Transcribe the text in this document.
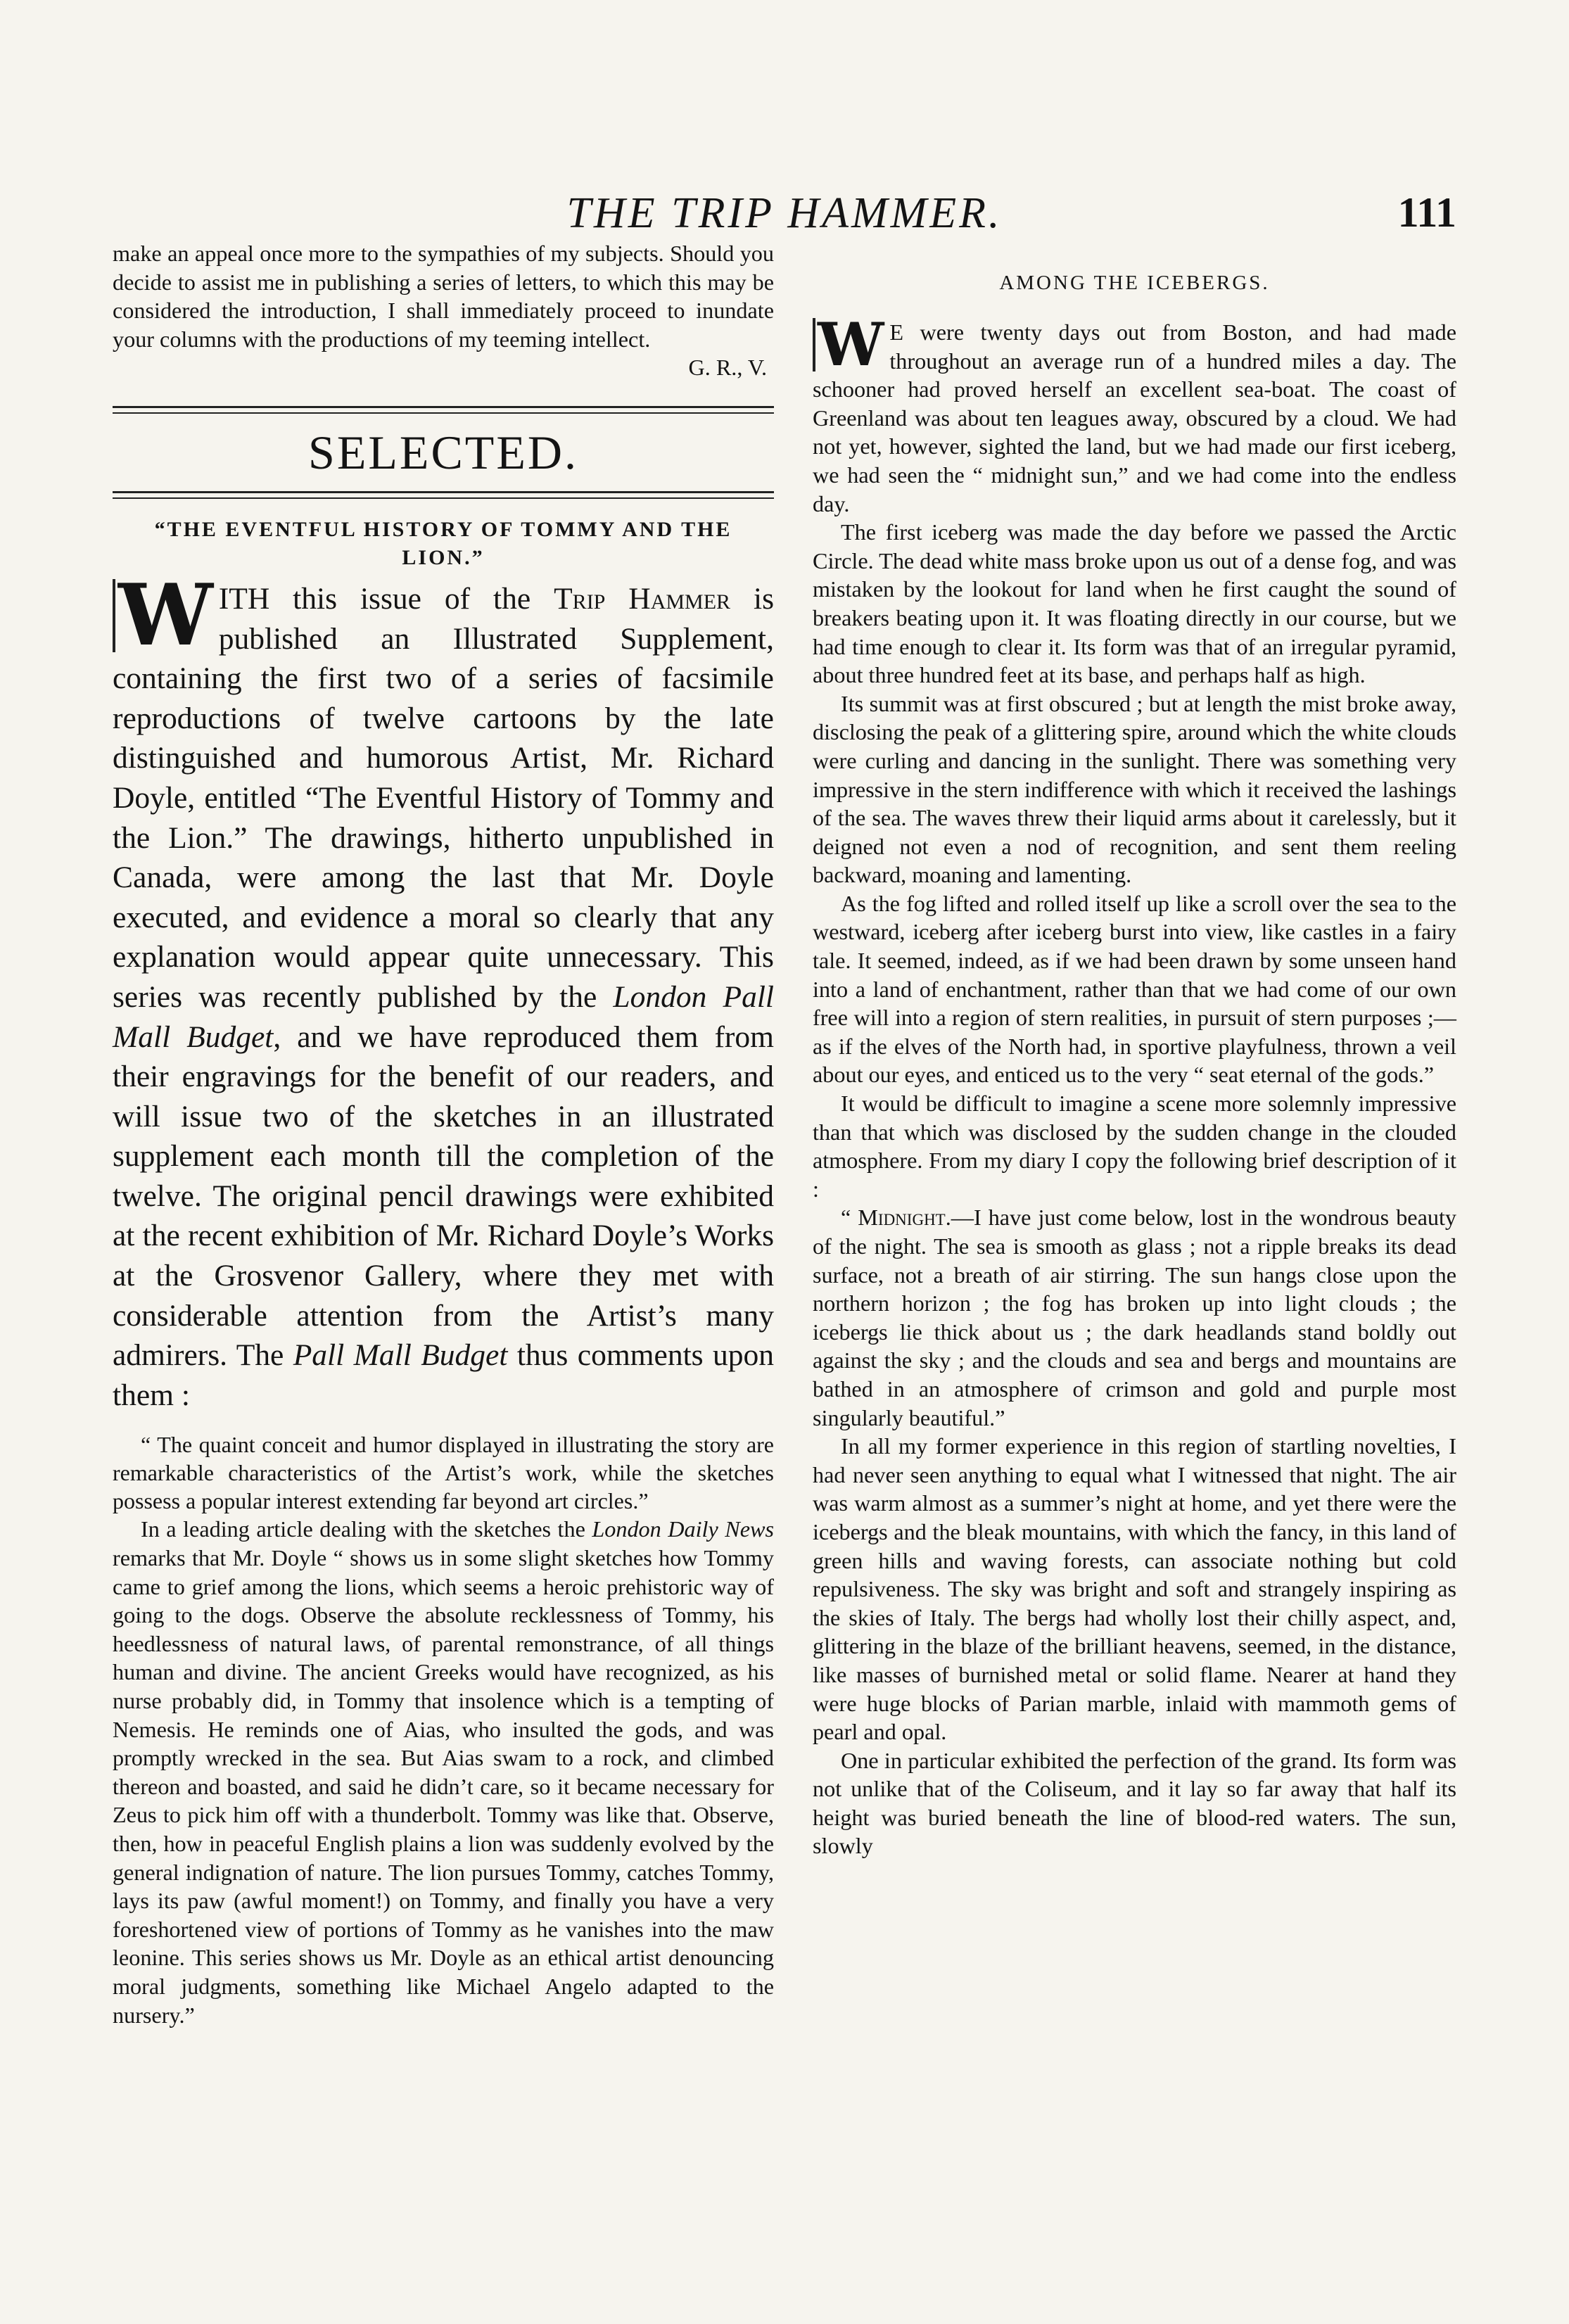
THE TRIP HAMMER.	111

make an appeal once more to the sympathies of my subjects. Should you decide to assist me in publishing a series of letters, to which this may be considered the introduction, I shall immediately proceed to inundate your columns with the productions of my teeming intellect.

G. R., V.

SELECTED.
“THE EVENTFUL HISTORY OF TOMMY AND THE LION.”

W ITH this issue of the Trip Hammer is published an Illustrated Supplement, containing the first two of a series of facsimile reproductions of twelve cartoons by the late distinguished and humorous Artist, Mr. Richard Doyle, entitled “The Eventful History of Tommy and the Lion.” The drawings, hitherto unpublished in Canada, were among the last that Mr. Doyle executed, and evidence a moral so clearly that any explanation would appear quite unnecessary. This series was recently published by the London Pall Mall Budget, and we have reproduced them from their engravings for the benefit of our readers, and will issue two of the sketches in an illustrated supplement each month till the completion of the twelve. The original pencil drawings were exhibited at the recent exhibition of Mr. Richard Doyle’s Works at the Grosvenor Gallery, where they met with considerable attention from the Artist’s many admirers. The Pall Mall Budget thus comments upon them :

“ The quaint conceit and humor displayed in illustrating the story are remarkable characteristics of the Artist’s work, while the sketches possess a popular interest extending far beyond art circles.”

In a leading article dealing with the sketches the London Daily News remarks that Mr. Doyle “ shows us in some slight sketches how Tommy came to grief among the lions, which seems a heroic prehistoric way of going to the dogs. Observe the absolute recklessness of Tommy, his heedlessness of natural laws, of parental remonstrance, of all things human and divine. The ancient Greeks would have recognized, as his nurse probably did, in Tommy that insolence which is a tempting of Nemesis. He reminds one of Aias, who insulted the gods, and was promptly wrecked in the sea. But Aias swam to a rock, and climbed thereon and boasted, and said he didn’t care, so it became necessary for Zeus to pick him off with a thunderbolt. Tommy was like that. Observe, then, how in peaceful English plains a lion was suddenly evolved by the general indignation of nature. The lion pursues Tommy, catches Tommy, lays its paw (awful moment!) on Tommy, and finally you have a very foreshortened view of portions of Tommy as he vanishes into the maw leonine. This series shows us Mr. Doyle as an ethical artist denouncing moral judgments, something like Michael Angelo adapted to the nursery.”

AMONG THE ICEBERGS.

W E were twenty days out from Boston, and had made throughout an average run of a hundred miles a day. The schooner had proved herself an excellent sea-boat. The coast of Greenland was about ten leagues away, obscured by a cloud. We had not yet, however, sighted the land, but we had made our first iceberg, we had seen the “ midnight sun,” and we had come into the endless day.

The first iceberg was made the day before we passed the Arctic Circle. The dead white mass broke upon us out of a dense fog, and was mistaken by the lookout for land when he first caught the sound of breakers beating upon it. It was floating directly in our course, but we had time enough to clear it. Its form was that of an irregular pyramid, about three hundred feet at its base, and perhaps half as high.

Its summit was at first obscured ; but at length the mist broke away, disclosing the peak of a glittering spire, around which the white clouds were curling and dancing in the sunlight. There was something very impressive in the stern indifference with which it received the lashings of the sea. The waves threw their liquid arms about it carelessly, but it deigned not even a nod of recognition, and sent them reeling backward, moaning and lamenting.

As the fog lifted and rolled itself up like a scroll over the sea to the westward, iceberg after iceberg burst into view, like castles in a fairy tale. It seemed, indeed, as if we had been drawn by some unseen hand into a land of enchantment, rather than that we had come of our own free will into a region of stern realities, in pursuit of stern purposes ;—as if the elves of the North had, in sportive playfulness, thrown a veil about our eyes, and enticed us to the very “ seat eternal of the gods.”

It would be difficult to imagine a scene more solemnly impressive than that which was disclosed by the sudden change in the clouded atmosphere. From my diary I copy the following brief description of it :

“ Midnight.—I have just come below, lost in the wondrous beauty of the night. The sea is smooth as glass ; not a ripple breaks its dead surface, not a breath of air stirring. The sun hangs close upon the northern horizon ; the fog has broken up into light clouds ; the icebergs lie thick about us ; the dark headlands stand boldly out against the sky ; and the clouds and sea and bergs and mountains are bathed in an atmosphere of crimson and gold and purple most singularly beautiful.”

In all my former experience in this region of startling novelties, I had never seen anything to equal what I witnessed that night. The air was warm almost as a summer’s night at home, and yet there were the icebergs and the bleak mountains, with which the fancy, in this land of green hills and waving forests, can associate nothing but cold repulsiveness. The sky was bright and soft and strangely inspiring as the skies of Italy. The bergs had wholly lost their chilly aspect, and, glittering in the blaze of the brilliant heavens, seemed, in the distance, like masses of burnished metal or solid flame. Nearer at hand they were huge blocks of Parian marble, inlaid with mammoth gems of pearl and opal.

One in particular exhibited the perfection of the grand. Its form was not unlike that of the Coliseum, and it lay so far away that half its height was buried beneath the line of blood-red waters. The sun, slowly
